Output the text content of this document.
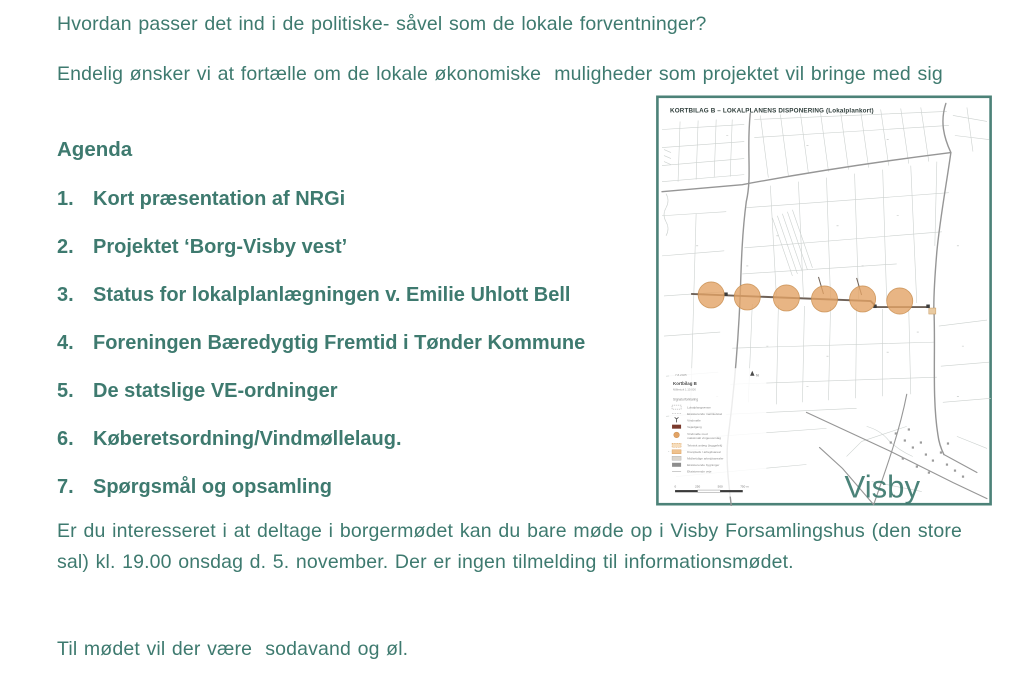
Hvordan passer det ind i de politiske- såvel som de lokale forventninger?

Endelig ønsker vi at fortælle om de lokale økonomiske  muligheder som projektet vil bringe med sig

Agenda
1. Kort præsentation af NRGi
2. Projektet ‘Borg-Visby vest’
3. Status for lokalplanlægningen v. Emilie Uhlott Bell
4. Foreningen Bæredygtig Fremtid i Tønder Kommune
5. De statslige VE-ordninger
6. Køberetsordning/Vindmøllelaug.
7. Spørgsmål og opsamling
KORTBILAG B – LOKALPLANENS DISPONERING (Lokalplankort)
7.8.2025	N
Kortbilag B
Målestok 1:10.000
Signaturforklaring
Lokalplangrænse
Eksisterende matrikelskel
Vindmølle
Vejadgang
Vindmølle med
maksimalt vingeoverslag
Teknisk anlæg (byggefelt)
Kranplads / arbejdsareal
Midlertidige arbejdsarealer
Eksisterende bygninger
Eksisterende veje
0	250	500	750 m	Visby

Er du interesseret i at deltage i borgermødet kan du bare møde op i Visby Forsamlingshus (den store sal) kl. 19.00 onsdag d. 5. november. Der er ingen tilmelding til informationsmødet.

Til mødet vil der være  sodavand og øl.
